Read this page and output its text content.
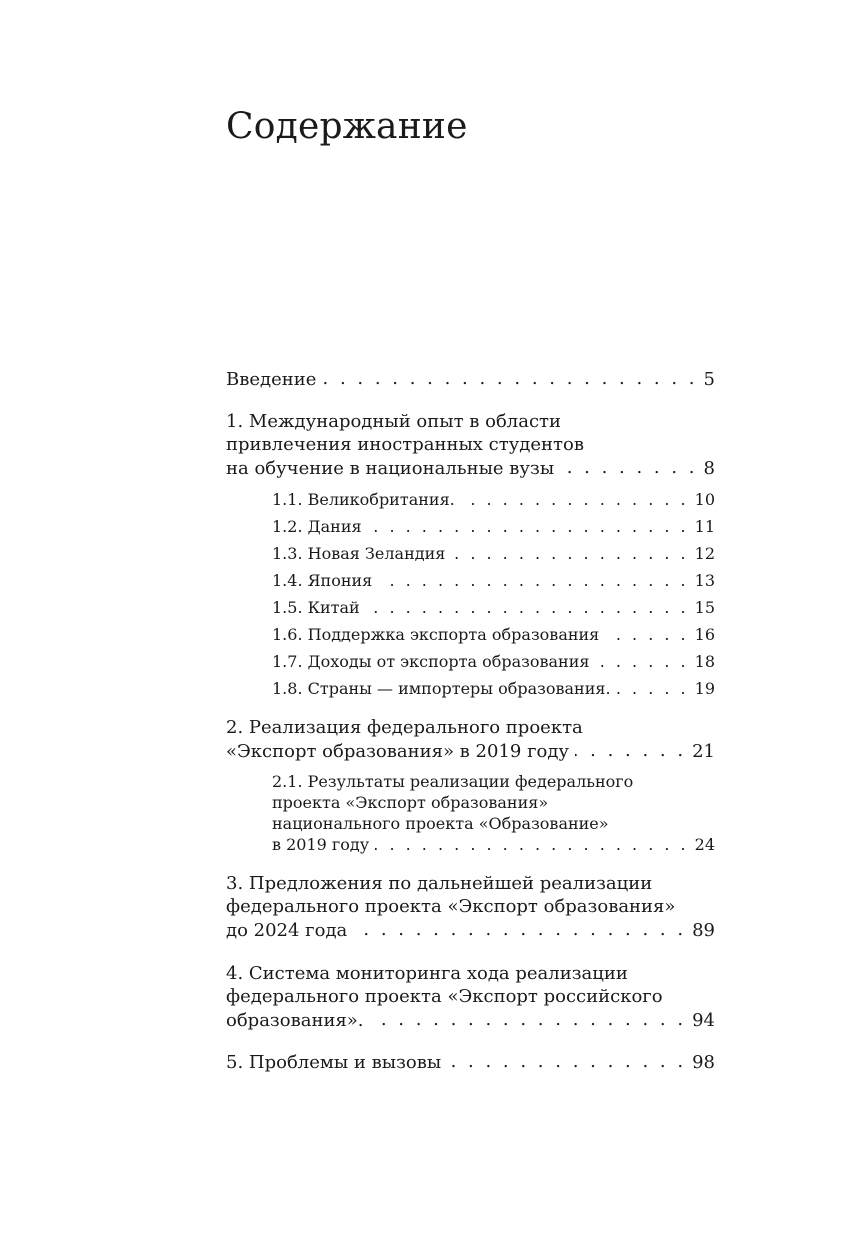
Содержание
Введение . . .	5
1. Международный опыт в области
привлечения иностранных студентов
на обучение в национальные вузы . . .	8
1.1. Великобритания. . . .	10
1.2. Дания . . .	11
1.3. Новая Зеландия . . .	12
1.4. Япония . . .	13
1.5. Китай . . .	15
1.6. Поддержка экспорта образования . . .	16
1.7. Доходы от экспорта образования . . .	18
1.8. Страны — импортеры образования. . . .	19
2. Реализация федерального проекта
«Экспорт образования» в 2019 году . . .	21
2.1. Результаты реализации федерального
проекта «Экспорт образования»
национального проекта «Образование»
в 2019 году . . .	24
3. Предложения по дальнейшей реализации
федерального проекта «Экспорт образования»
до 2024 года . . .	89
4. Система мониторинга хода реализации
федерального проекта «Экспорт российского
образования». . . .	94
5. Проблемы и вызовы . . .	98
